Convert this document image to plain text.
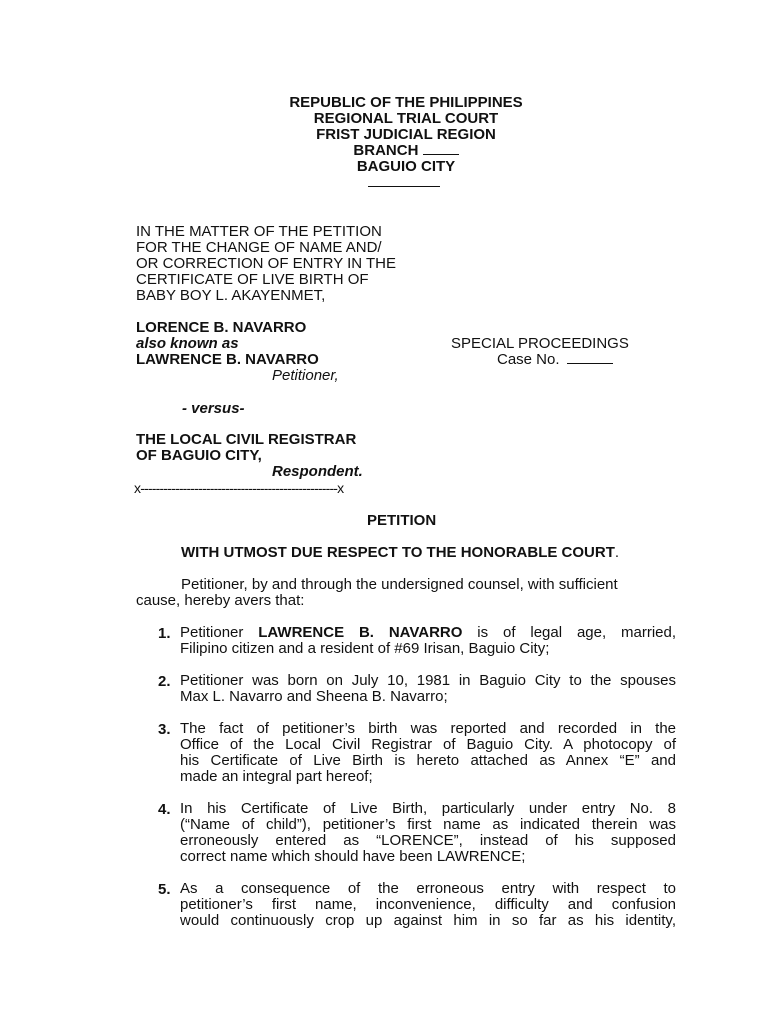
REPUBLIC OF THE PHILIPPINES
REGIONAL TRIAL COURT
FRIST JUDICIAL REGION
BRANCH
BAGUIO CITY
IN THE MATTER OF THE PETITION
FOR THE CHANGE OF NAME AND/
OR CORRECTION OF ENTRY IN THE
CERTIFICATE OF LIVE BIRTH OF
BABY BOY L. AKAYENMET,
LORENCE B. NAVARRO
also known as
LAWRENCE B. NAVARRO
Petitioner,
SPECIAL PROCEEDINGS
Case No.
- versus-
THE LOCAL CIVIL REGISTRAR
OF BAGUIO CITY,
Respondent.
x---------------------------------------------------x
PETITION
WITH UTMOST DUE RESPECT TO THE HONORABLE COURT.
Petitioner, by and through the undersigned counsel, with sufficient
cause, hereby avers that:
1. Petitioner LAWRENCE B. NAVARRO is of legal age, married,
Filipino citizen and a resident of #69 Irisan, Baguio City;
2. Petitioner was born on July 10, 1981 in Baguio City to the spouses
Max L. Navarro and Sheena B. Navarro;
3. The fact of petitioner’s birth was reported and recorded in the
Office of the Local Civil Registrar of Baguio City. A photocopy of
his Certificate of Live Birth is hereto attached as Annex “E” and
made an integral part hereof;
4. In his Certificate of Live Birth, particularly under entry No. 8
(“Name of child”), petitioner’s first name as indicated therein was
erroneously entered as “LORENCE”, instead of his supposed
correct name which should have been LAWRENCE;
5. As a consequence of the erroneous entry with respect to
petitioner’s first name, inconvenience, difficulty and confusion
would continuously crop up against him in so far as his identity,
